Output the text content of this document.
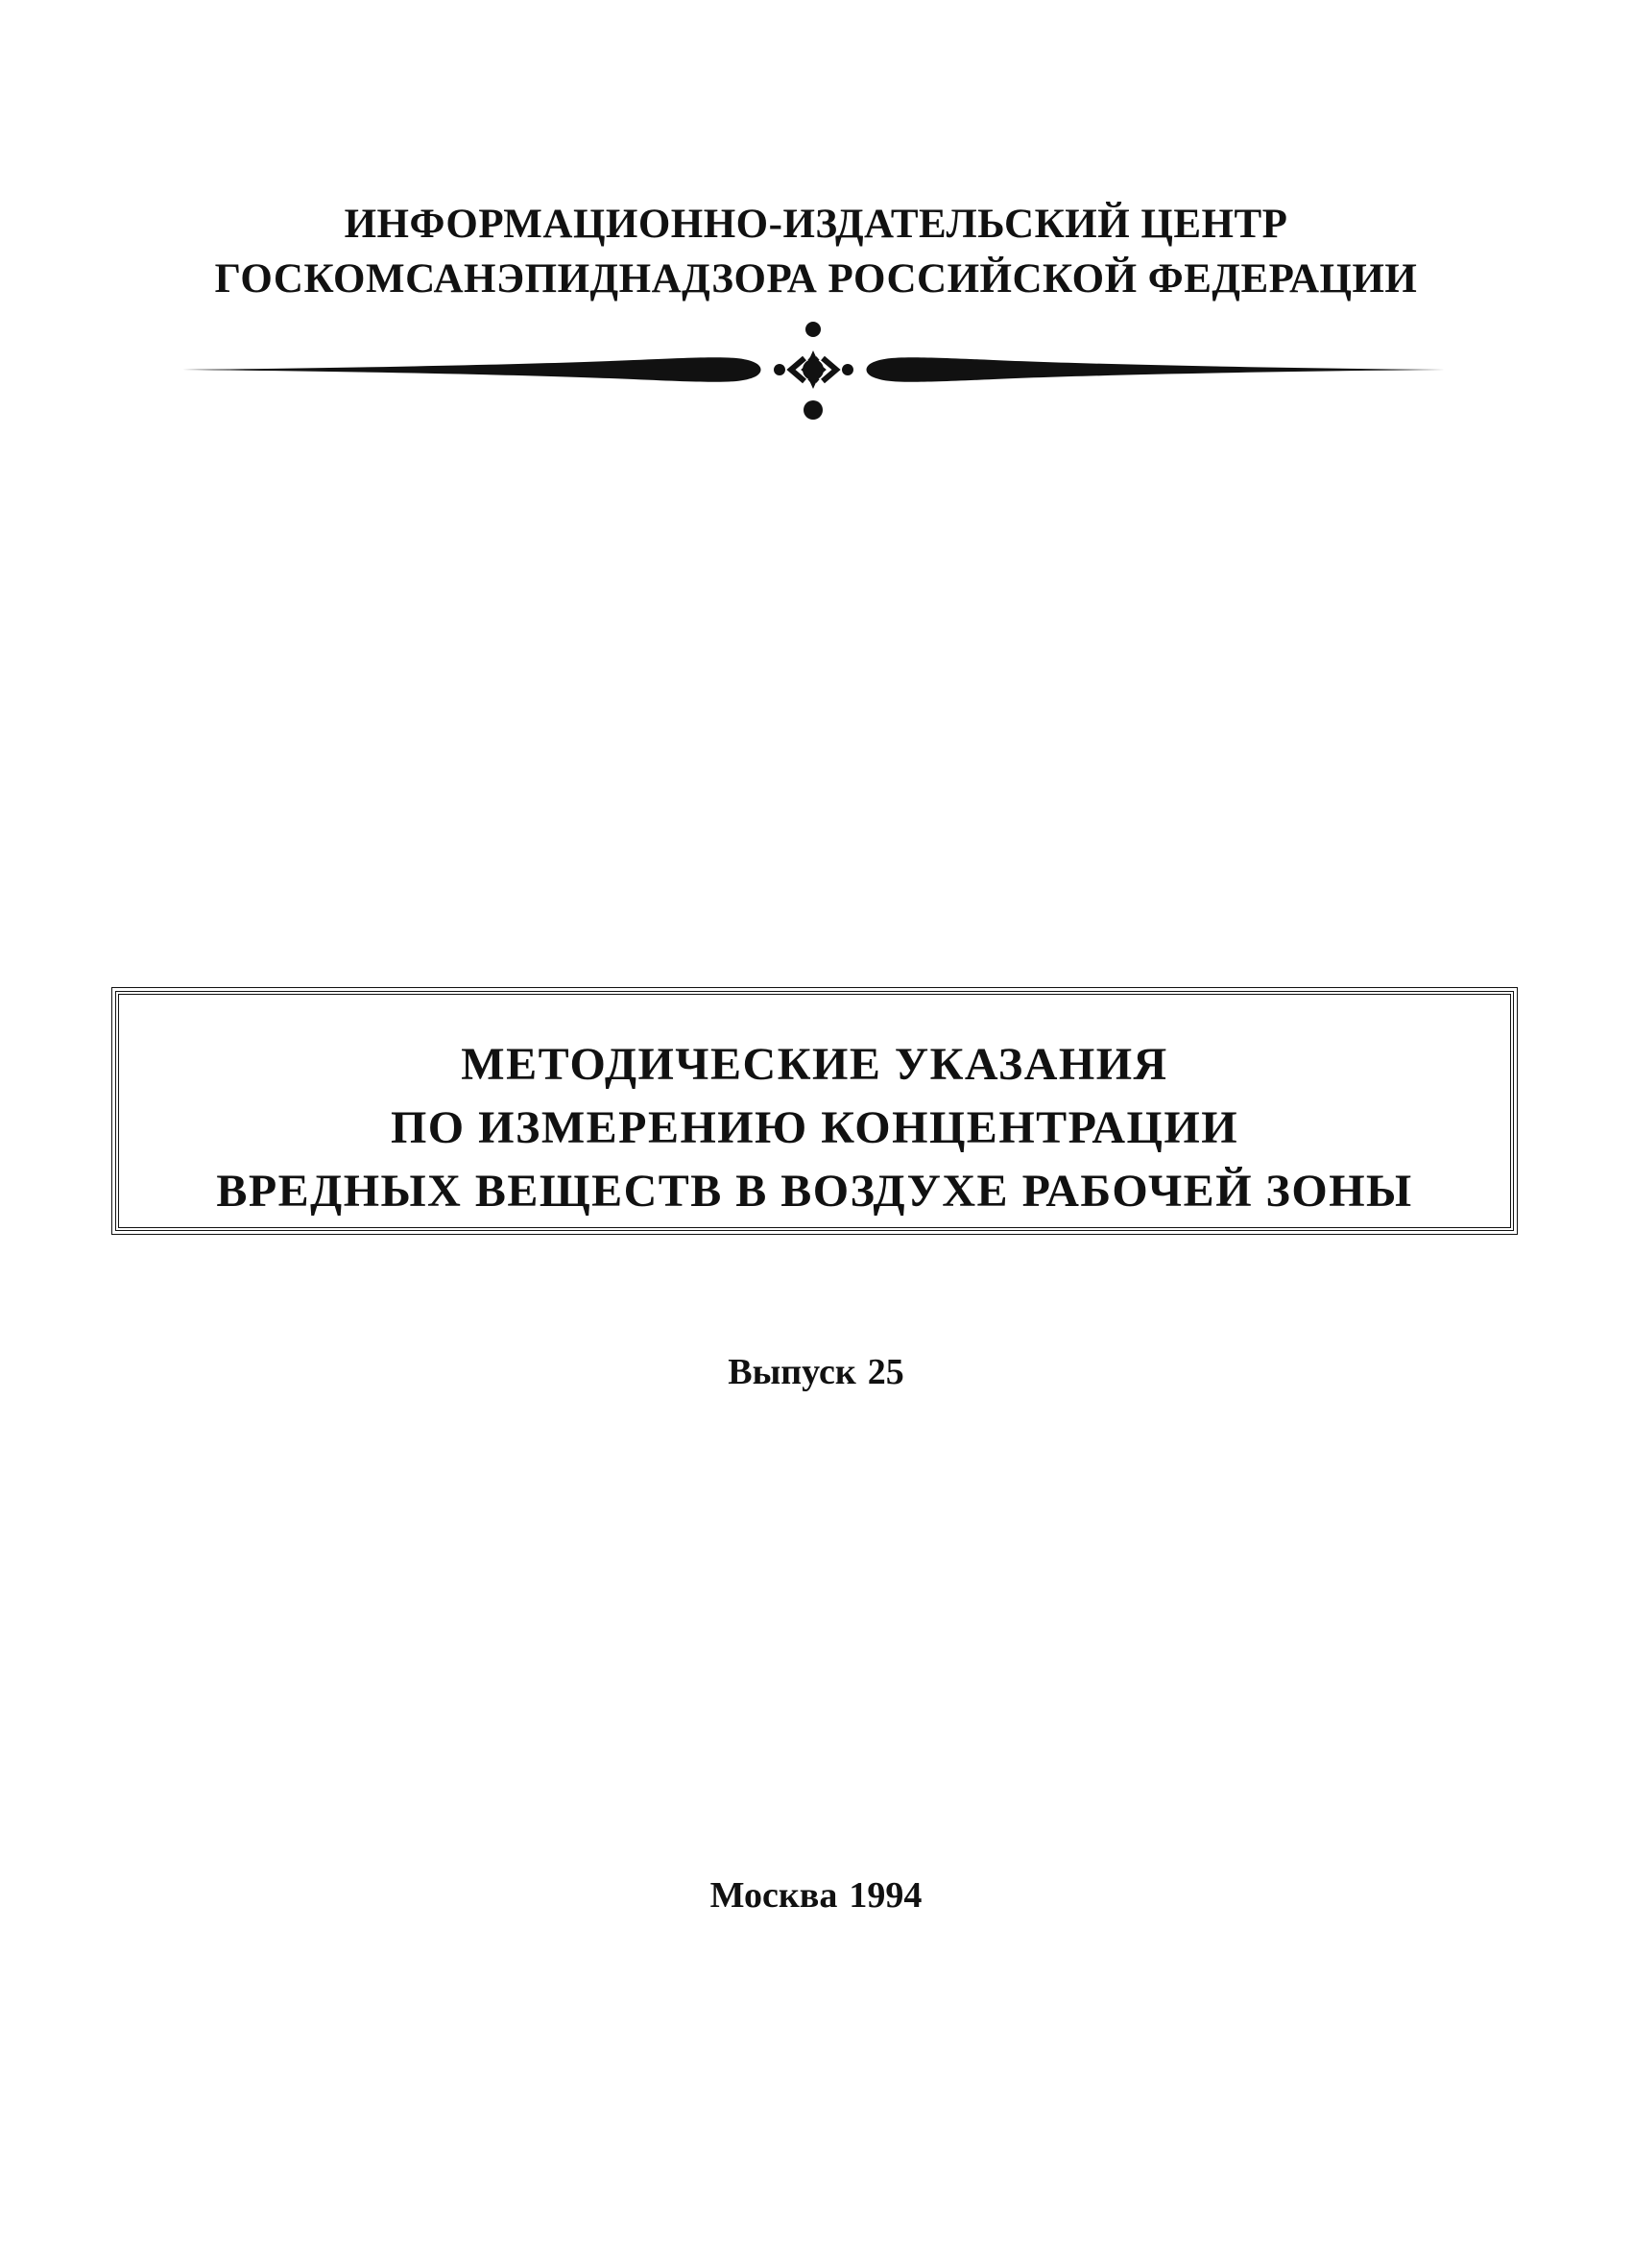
ИНФОРМАЦИОННО-ИЗДАТЕЛЬСКИЙ ЦЕНТР
ГОСКОМСАНЭПИДНАДЗОРА РОССИЙСКОЙ ФЕДЕРАЦИИ
МЕТОДИЧЕСКИЕ УКАЗАНИЯ
ПО ИЗМЕРЕНИЮ КОНЦЕНТРАЦИИ
ВРЕДНЫХ ВЕЩЕСТВ В ВОЗДУХЕ РАБОЧЕЙ ЗОНЫ
Выпуск 25
Москва 1994
